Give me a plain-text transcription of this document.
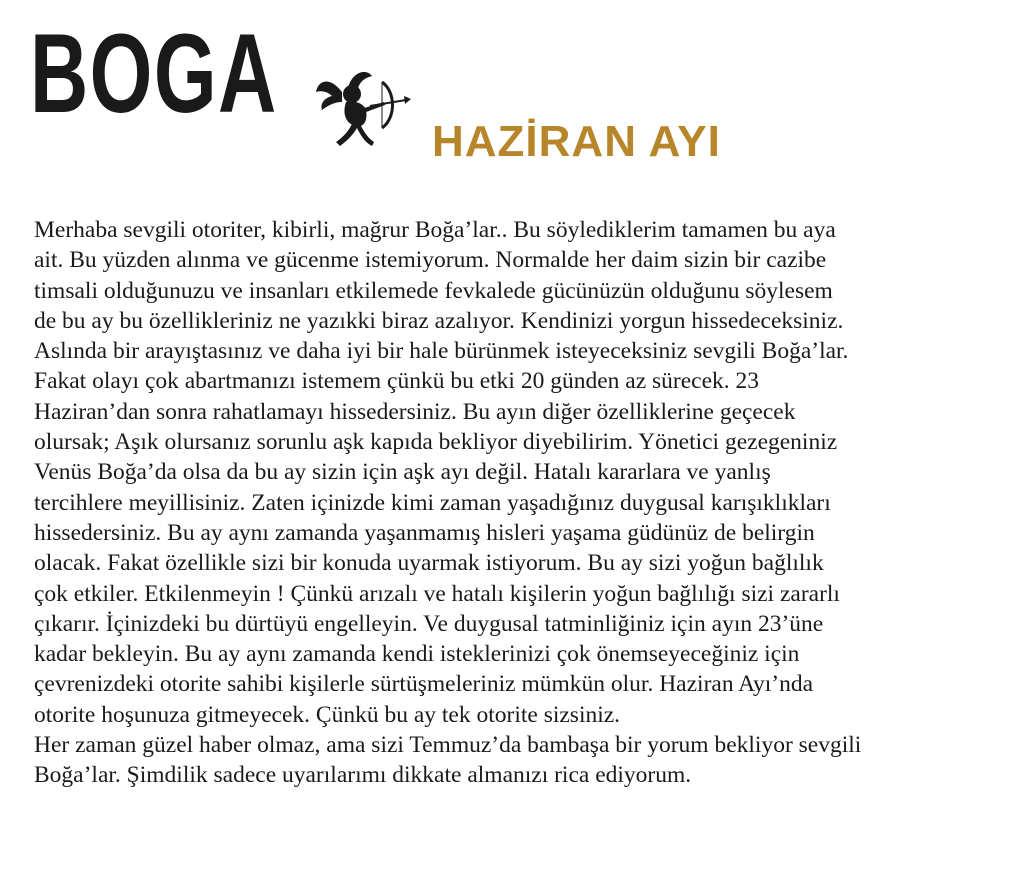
BOGA
HAZİRAN AYI
Merhaba sevgili otoriter, kibirli, mağrur Boğa’lar.. Bu söylediklerim tamamen bu aya
ait. Bu yüzden alınma ve gücenme istemiyorum. Normalde her daim sizin bir cazibe
timsali olduğunuzu ve insanları etkilemede fevkalede gücünüzün olduğunu söylesem
de bu ay bu özellikleriniz ne yazıkki biraz azalıyor. Kendinizi yorgun hissedeceksiniz.
Aslında bir arayıştasınız ve daha iyi bir hale bürünmek isteyeceksiniz sevgili Boğa’lar.
Fakat olayı çok abartmanızı istemem çünkü bu etki 20 günden az sürecek. 23
Haziran’dan sonra rahatlamayı hissedersiniz. Bu ayın diğer özelliklerine geçecek
olursak; Aşık olursanız sorunlu aşk kapıda bekliyor diyebilirim. Yönetici gezegeniniz
Venüs Boğa’da olsa da bu ay sizin için aşk ayı değil. Hatalı kararlara ve yanlış
tercihlere meyillisiniz. Zaten içinizde kimi zaman yaşadığınız duygusal karışıklıkları
hissedersiniz. Bu ay aynı zamanda yaşanmamış hisleri yaşama güdünüz de belirgin
olacak. Fakat özellikle sizi bir konuda uyarmak istiyorum. Bu ay sizi yoğun bağlılık
çok etkiler. Etkilenmeyin ! Çünkü arızalı ve hatalı kişilerin yoğun bağlılığı sizi zararlı
çıkarır. İçinizdeki bu dürtüyü engelleyin. Ve duygusal tatminliğiniz için ayın 23’üne
kadar bekleyin. Bu ay aynı zamanda kendi isteklerinizi çok önemseyeceğiniz için
çevrenizdeki otorite sahibi kişilerle sürtüşmeleriniz mümkün olur. Haziran Ayı’nda
otorite hoşunuza gitmeyecek. Çünkü bu ay tek otorite sizsiniz.
Her zaman güzel haber olmaz, ama sizi Temmuz’da bambaşa bir yorum bekliyor sevgili
Boğa’lar. Şimdilik sadece uyarılarımı dikkate almanızı rica ediyorum.
